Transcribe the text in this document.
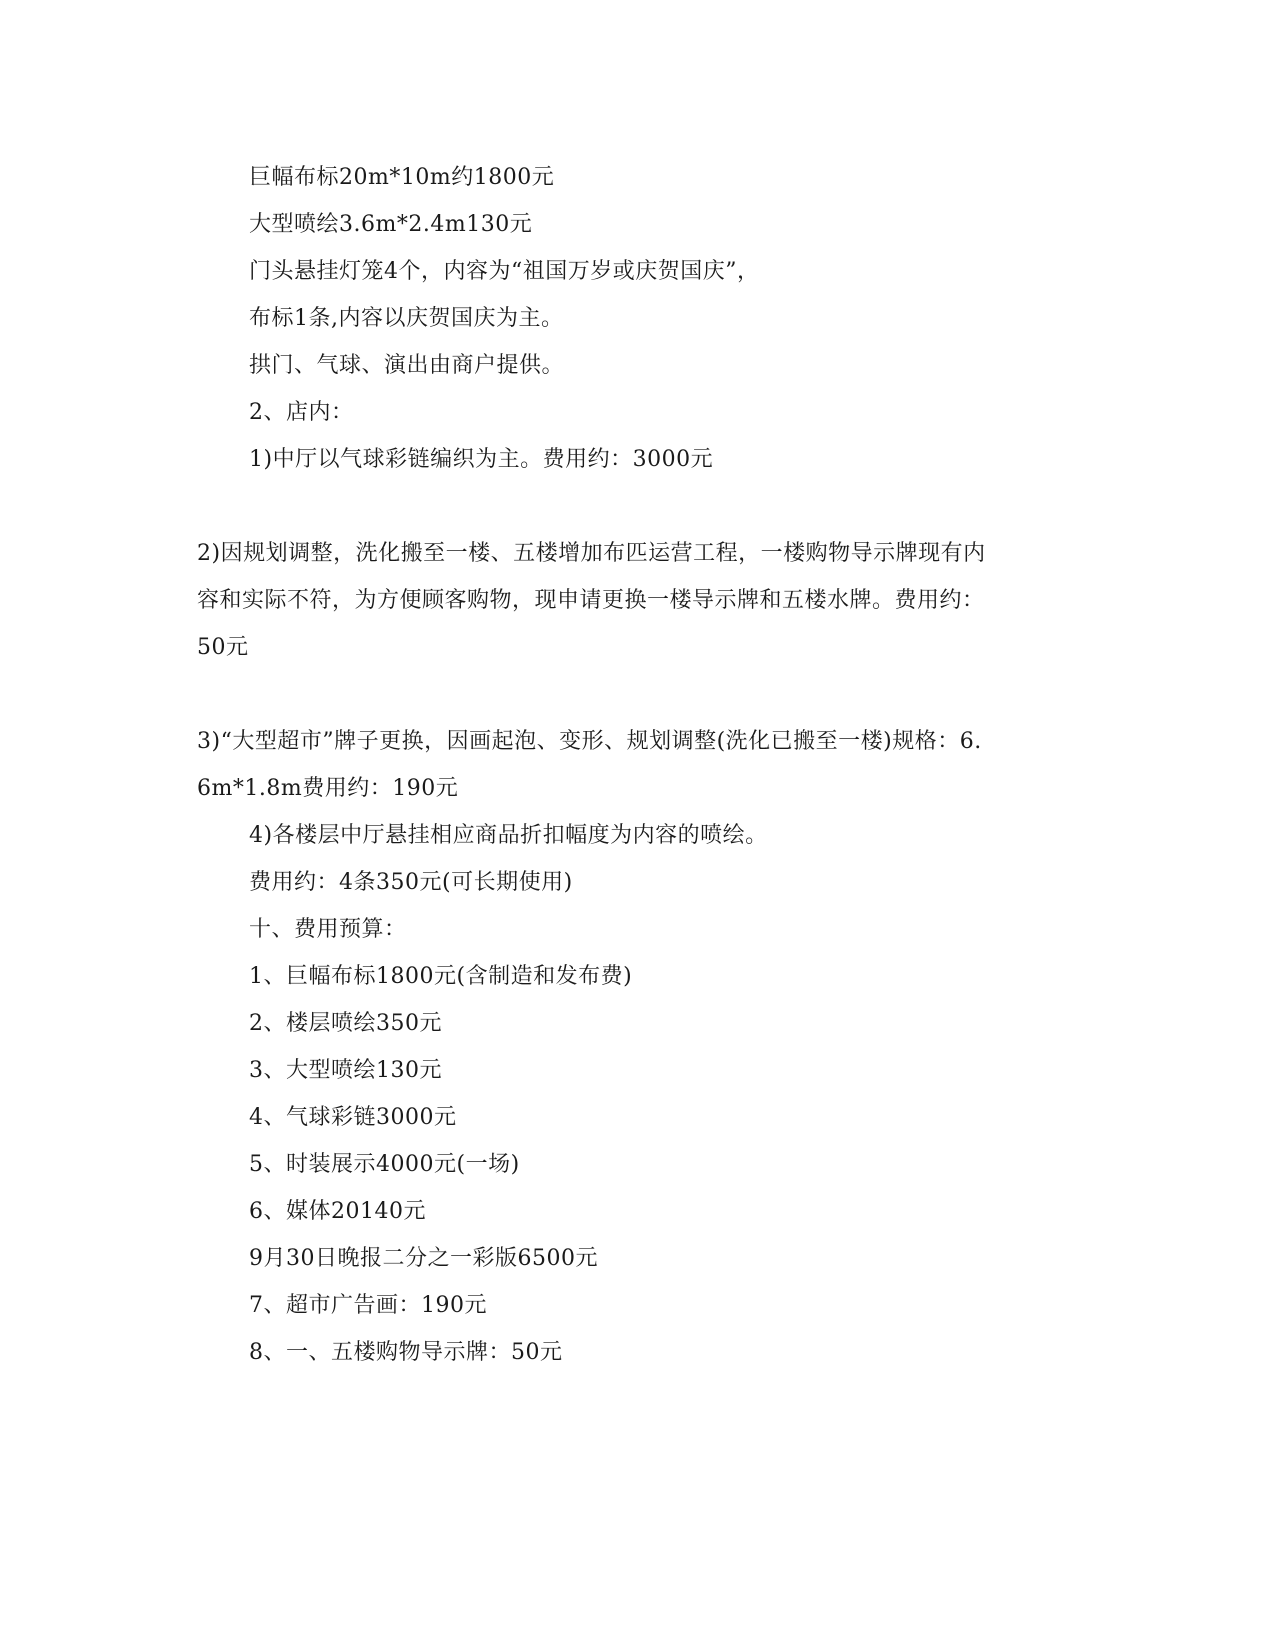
巨幅布标20m*10m约1800元
大型喷绘3.6m*2.4m130元
门头悬挂灯笼4个，内容为“祖国万岁或庆贺国庆”，
布标1条,内容以庆贺国庆为主。
拱门、气球、演出由商户提供。
2、店内：
1)中厅以气球彩链编织为主。费用约：3000元
2)因规划调整，洗化搬至一楼、五楼增加布匹运营工程，一楼购物导示牌现有内
容和实际不符，为方便顾客购物，现申请更换一楼导示牌和五楼水牌。费用约：
50元
3)“大型超市”牌子更换，因画起泡、变形、规划调整(洗化已搬至一楼)规格：6.
6m*1.8m费用约：190元
4)各楼层中厅悬挂相应商品折扣幅度为内容的喷绘。
费用约：4条350元(可长期使用)
十、费用预算：
1、巨幅布标1800元(含制造和发布费)
2、楼层喷绘350元
3、大型喷绘130元
4、气球彩链3000元
5、时装展示4000元(一场)
6、媒体20140元
9月30日晚报二分之一彩版6500元
7、超市广告画：190元
8、一、五楼购物导示牌：50元
